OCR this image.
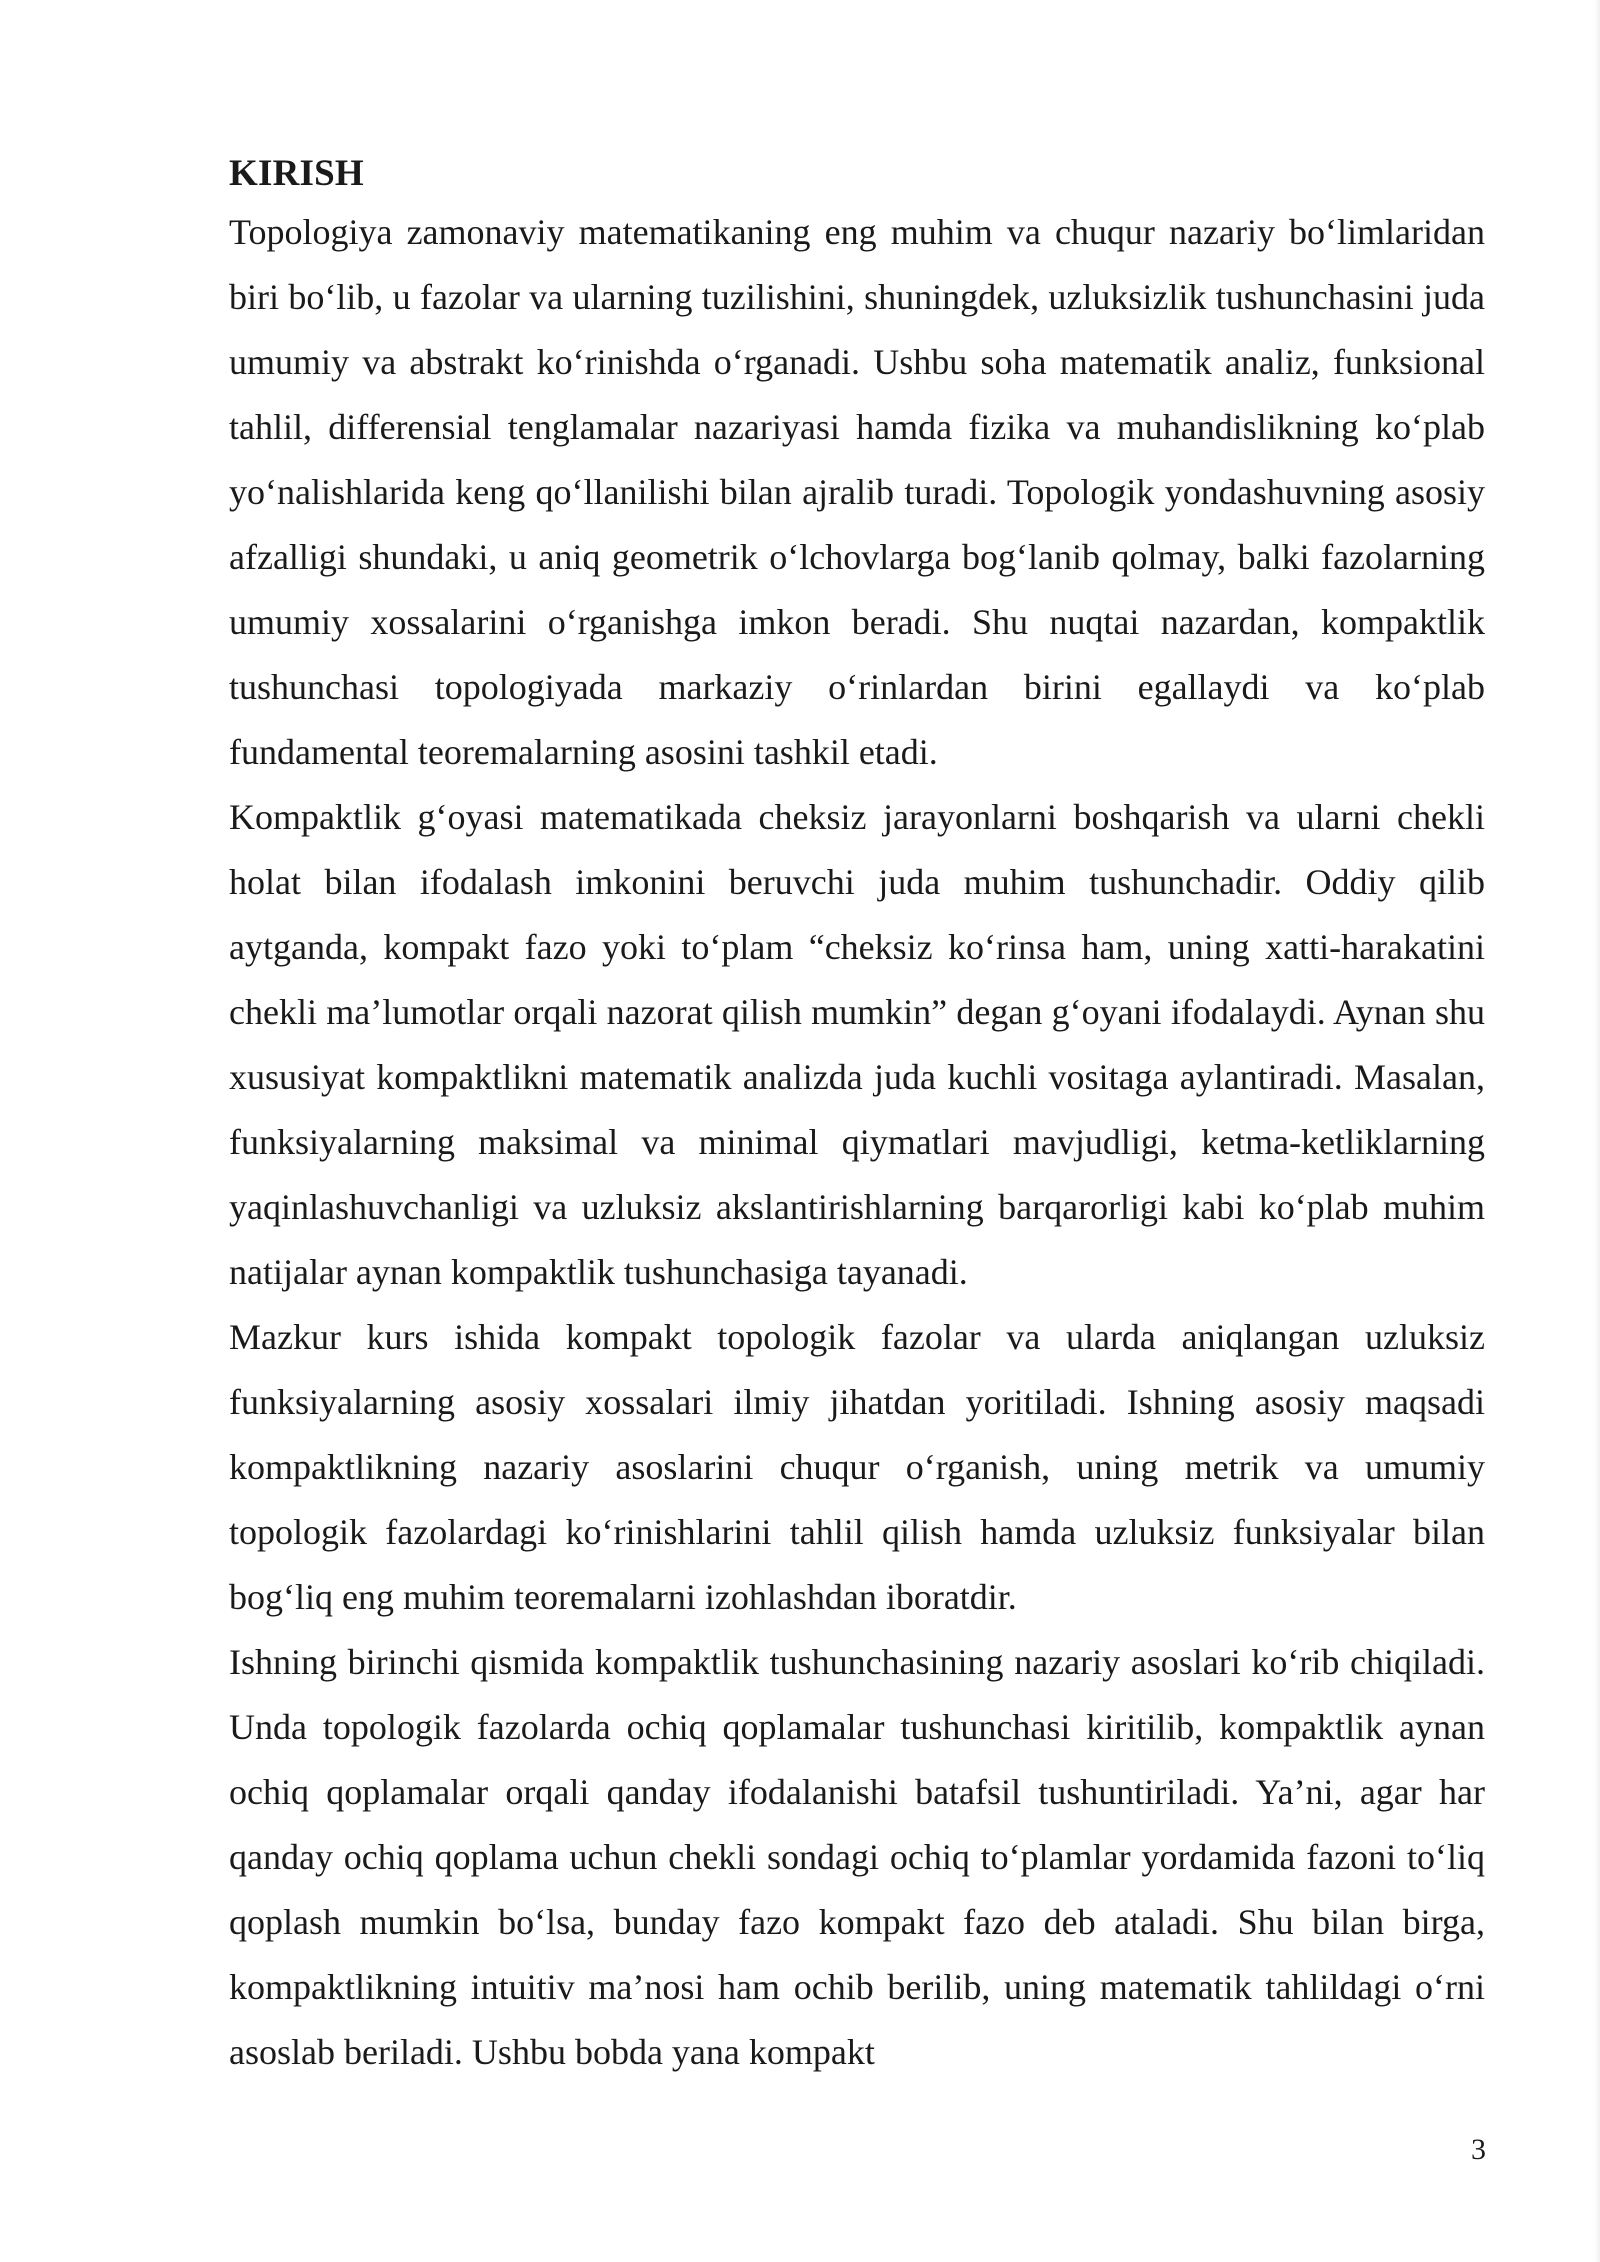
KIRISH

Topologiya zamonaviy matematikaning eng muhim va chuqur nazariy bo‘limlaridan biri bo‘lib, u fazolar va ularning tuzilishini, shuningdek, uzluksizlik tushunchasini juda umumiy va abstrakt ko‘rinishda o‘rganadi. Ushbu soha matematik analiz, funksional tahlil, differensial tenglamalar nazariyasi hamda fizika va muhandislikning ko‘plab yo‘nalishlarida keng qo‘llanilishi bilan ajralib turadi. Topologik yondashuvning asosiy afzalligi shundaki, u aniq geometrik o‘lchovlarga bog‘lanib qolmay, balki fazolarning umumiy xossalarini o‘rganishga imkon beradi. Shu nuqtai nazardan, kompaktlik tushunchasi topologiyada markaziy o‘rinlardan birini egallaydi va ko‘plab fundamental teoremalarning asosini tashkil etadi.

Kompaktlik g‘oyasi matematikada cheksiz jarayonlarni boshqarish va ularni chekli holat bilan ifodalash imkonini beruvchi juda muhim tushunchadir. Oddiy qilib aytganda, kompakt fazo yoki to‘plam “cheksiz ko‘rinsa ham, uning xatti-harakatini chekli ma’lumotlar orqali nazorat qilish mumkin” degan g‘oyani ifodalaydi. Aynan shu xususiyat kompaktlikni matematik analizda juda kuchli vositaga aylantiradi. Masalan, funksiyalarning maksimal va minimal qiymatlari mavjudligi, ketma-ketliklarning yaqinlashuvchanligi va uzluksiz akslantirishlarning barqarorligi kabi ko‘plab muhim natijalar aynan kompaktlik tushunchasiga tayanadi.

Mazkur kurs ishida kompakt topologik fazolar va ularda aniqlangan uzluksiz funksiyalarning asosiy xossalari ilmiy jihatdan yoritiladi. Ishning asosiy maqsadi kompaktlikning nazariy asoslarini chuqur o‘rganish, uning metrik va umumiy topologik fazolardagi ko‘rinishlarini tahlil qilish hamda uzluksiz funksiyalar bilan bog‘liq eng muhim teoremalarni izohlashdan iboratdir.

Ishning birinchi qismida kompaktlik tushunchasining nazariy asoslari ko‘rib chiqiladi. Unda topologik fazolarda ochiq qoplamalar tushunchasi kiritilib, kompaktlik aynan ochiq qoplamalar orqali qanday ifodalanishi batafsil tushuntiriladi. Ya’ni, agar har qanday ochiq qoplama uchun chekli sondagi ochiq to‘plamlar yordamida fazoni to‘liq qoplash mumkin bo‘lsa, bunday fazo kompakt fazo deb ataladi. Shu bilan birga, kompaktlikning intuitiv ma’nosi ham ochib berilib, uning matematik tahlildagi o‘rni asoslab beriladi. Ushbu bobda yana kompakt

3
